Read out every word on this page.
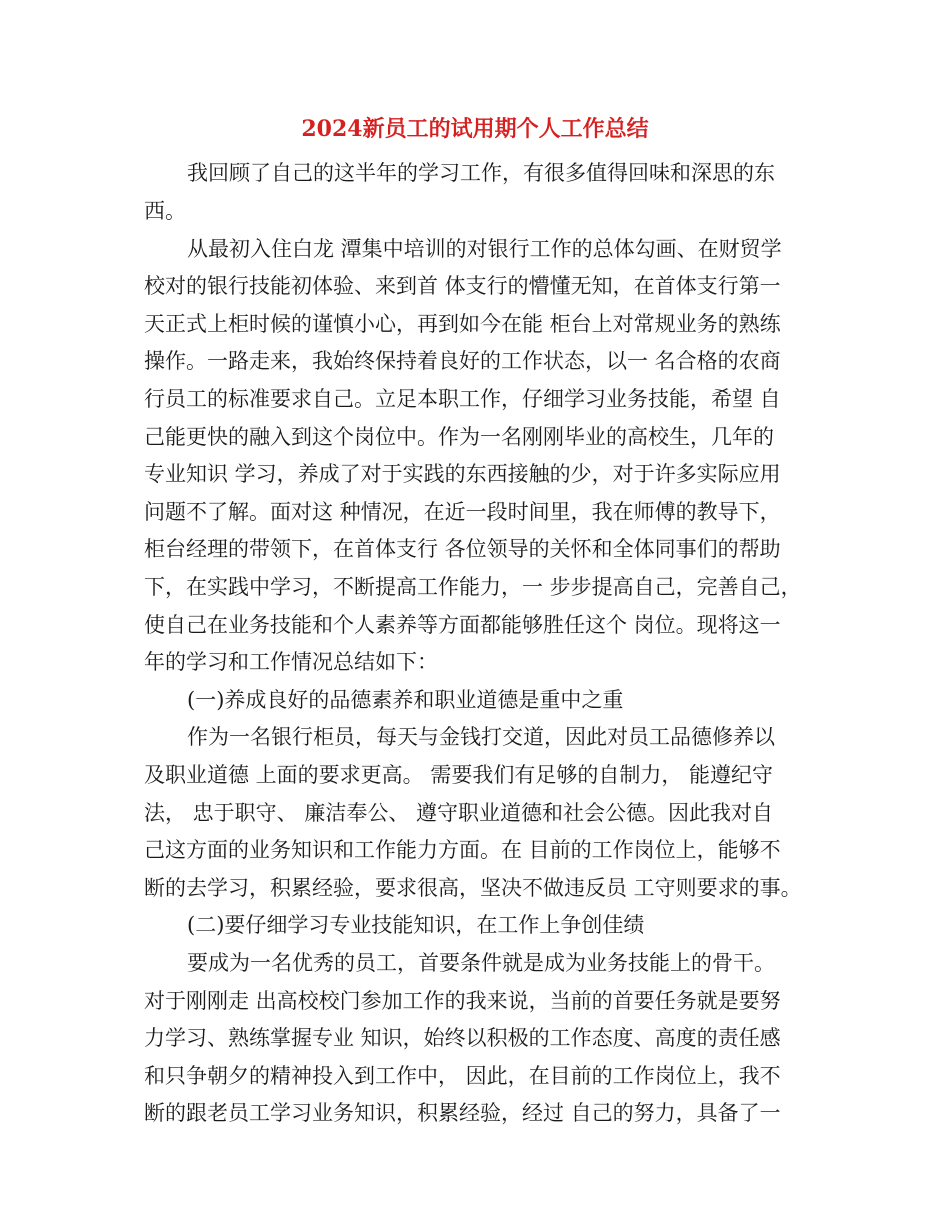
2024新员工的试用期个人工作总结
我回顾了自己的这半年的学习工作，有很多值得回味和深思的东
西。
从最初入住白龙 潭集中培训的对银行工作的总体勾画、在财贸学
校对的银行技能初体验、来到首 体支行的懵懂无知，在首体支行第一
天正式上柜时候的谨慎小心，再到如今在能 柜台上对常规业务的熟练
操作。一路走来，我始终保持着良好的工作状态，以一 名合格的农商
行员工的标准要求自己。立足本职工作，仔细学习业务技能，希望 自
己能更快的融入到这个岗位中。作为一名刚刚毕业的高校生，几年的
专业知识 学习，养成了对于实践的东西接触的少，对于许多实际应用
问题不了解。面对这 种情况，在近一段时间里，我在师傅的教导下，
柜台经理的带领下，在首体支行 各位领导的关怀和全体同事们的帮助
下，在实践中学习，不断提高工作能力，一 步步提高自己，完善自己，
使自己在业务技能和个人素养等方面都能够胜任这个 岗位。现将这一
年的学习和工作情况总结如下：
(一)养成良好的品德素养和职业道德是重中之重
作为一名银行柜员，每天与金钱打交道，因此对员工品德修养以
及职业道德 上面的要求更高。 需要我们有足够的自制力， 能遵纪守
法， 忠于职守、 廉洁奉公、 遵守职业道德和社会公德。因此我对自
己这方面的业务知识和工作能力方面。在 目前的工作岗位上，能够不
断的去学习，积累经验，要求很高，坚决不做违反员 工守则要求的事。
(二)要仔细学习专业技能知识，在工作上争创佳绩
要成为一名优秀的员工，首要条件就是成为业务技能上的骨干。
对于刚刚走 出高校校门参加工作的我来说，当前的首要任务就是要努
力学习、熟练掌握专业 知识，始终以积极的工作态度、高度的责任感
和只争朝夕的精神投入到工作中， 因此，在目前的工作岗位上，我不
断的跟老员工学习业务知识，积累经验，经过 自己的努力，具备了一
